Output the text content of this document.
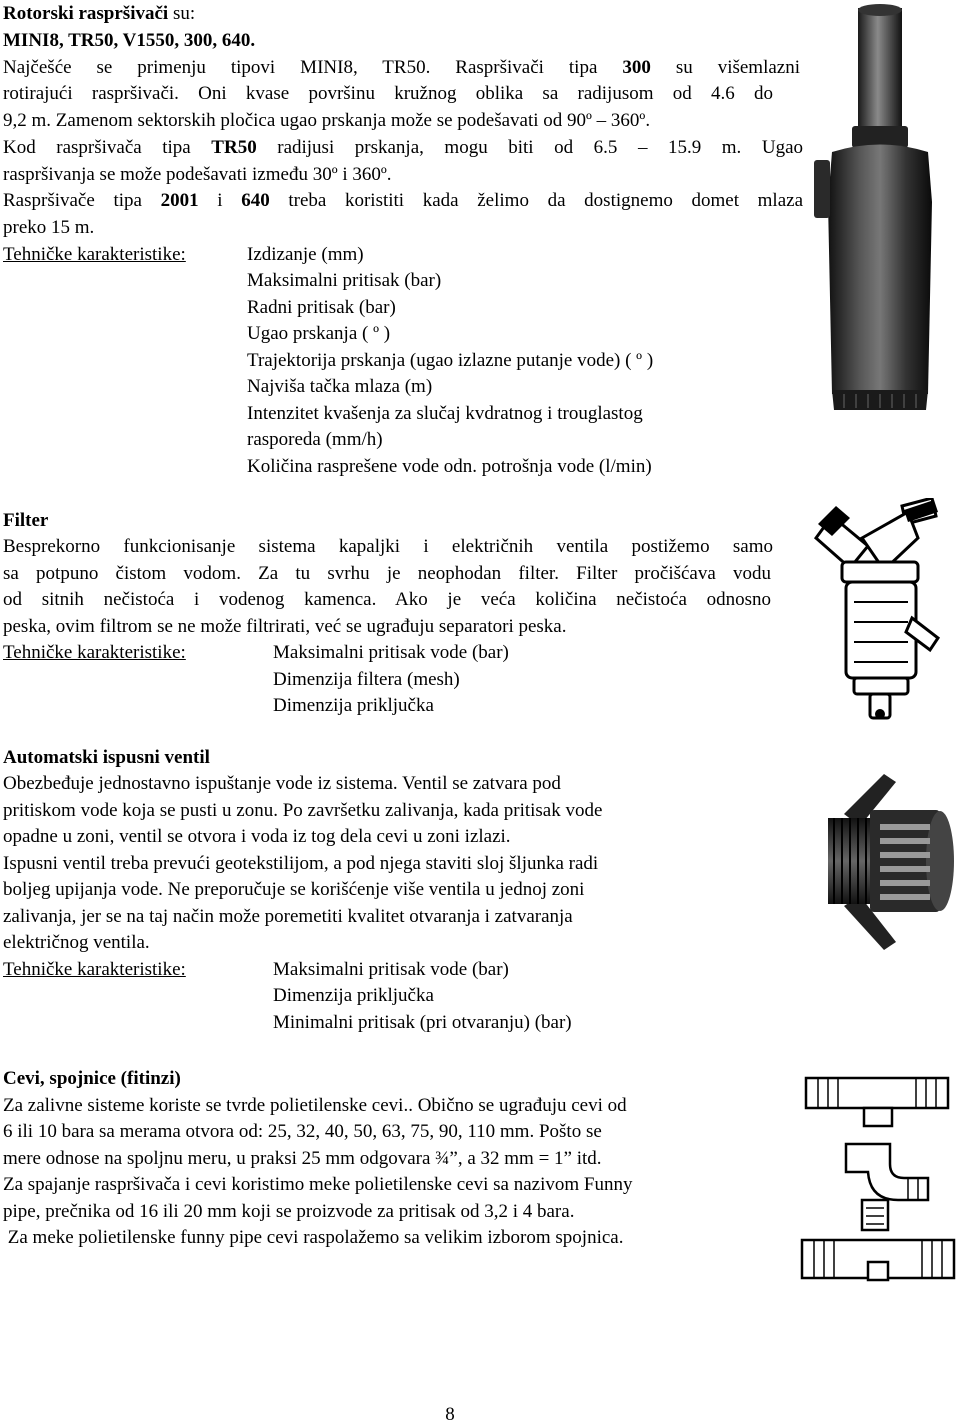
Rotorski raspršivači su:
MINI8, TR50, V1550, 300, 640.
Najčešće se primenju tipovi MINI8, TR50. Raspršivači tipa 300 su višemlazni
rotirajući raspršivači. Oni kvase površinu kružnog oblika sa radijusom od 4.6 do
9,2 m. Zamenom sektorskih pločica ugao prskanja može se podešavati od 90º – 360º.
Kod raspršivača tipa TR50 radijusi prskanja, mogu biti od 6.5 – 15.9 m. Ugao
raspršivanja se može podešavati između 30º i 360º.
Raspršivače tipa 2001 i 640 treba koristiti kada želimo da dostignemo domet mlaza
preko 15 m.
Tehničke karakteristike:	Izdizanje (mm)
Maksimalni pritisak (bar)
Radni pritisak (bar)
Ugao prskanja ( º )
Trajektorija prskanja (ugao izlazne putanje vode) ( º )
Najviša tačka mlaza (m)
Intenzitet kvašenja za slučaj kvdratnog i trouglastog
rasporeda (mm/h)
Količina rasprešene vode odn. potrošnja vode (l/min)
Filter
Besprekorno funkcionisanje sistema kapaljki i električnih ventila postižemo samo
sa potpuno čistom vodom. Za tu svrhu je neophodan filter. Filter pročišćava vodu
od sitnih nečistoća i vodenog kamenca. Ako je veća količina nečistoća odnosno
peska, ovim filtrom se ne može filtrirati, već se ugrađuju separatori peska.
Tehničke karakteristike:	Maksimalni pritisak vode (bar)
Dimenzija filtera (mesh)
Dimenzija priključka
Automatski ispusni ventil
Obezbeđuje jednostavno ispuštanje vode iz sistema. Ventil se zatvara pod
pritiskom vode koja se pusti u zonu. Po završetku zalivanja, kada pritisak vode
opadne u zoni, ventil se otvora i voda iz tog dela cevi u zoni izlazi.
Ispusni ventil treba prevući geotekstilijom, a pod njega staviti sloj šljunka radi
boljeg upijanja vode. Ne preporučuje se korišćenje više ventila u jednoj zoni
zalivanja, jer se na taj način može poremetiti kvalitet otvaranja i zatvaranja
električnog ventila.
Tehničke karakteristike:	Maksimalni pritisak vode (bar)
Dimenzija priključka
Minimalni pritisak (pri otvaranju) (bar)
Cevi, spojnice (fitinzi)
Za zalivne sisteme koriste se tvrde polietilenske cevi.. Obično se ugrađuju cevi od
6 ili 10 bara sa merama otvora od: 25, 32, 40, 50, 63, 75, 90, 110 mm. Pošto se
mere odnose na spoljnu meru, u praksi 25 mm odgovara ¾”, a 32 mm = 1” itd.
Za spajanje raspršivača i cevi koristimo meke polietilenske cevi sa nazivom Funny
pipe, prečnika od 16 ili 20 mm koji se proizvode za pritisak od 3,2 i 4 bara.
Za meke polietilenske funny pipe cevi raspolažemo sa velikim izborom spojnica.
8
